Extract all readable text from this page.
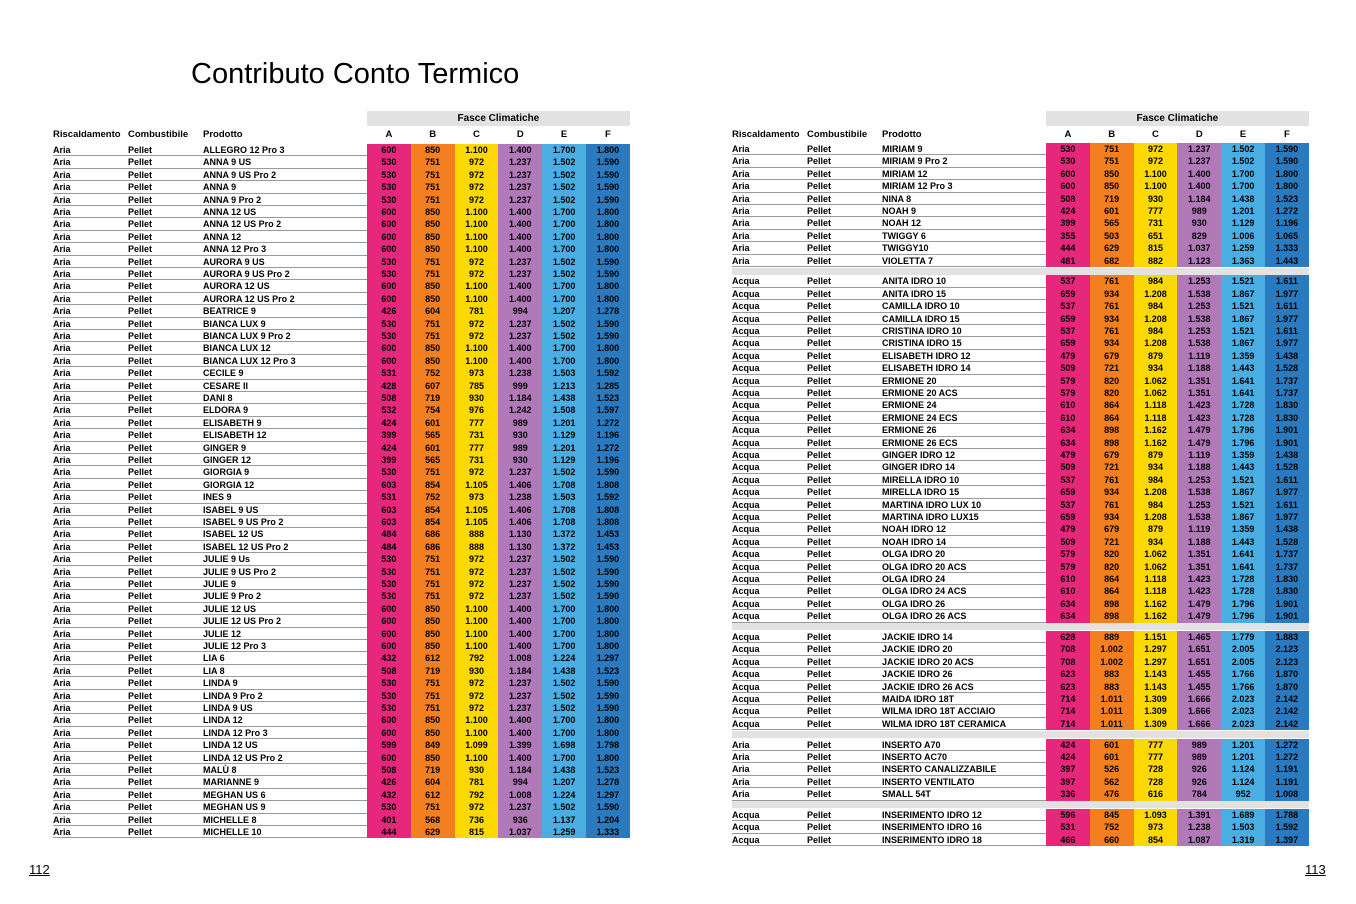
Contributo Conto Termico
112	113
Fasce Climatiche
Riscaldamento Combustibile Prodotto	A	B	C	D	E	F
Aria	Pellet	ALLEGRO 12 Pro 3	600	850	1.100	1.400	1.700	1.800
Aria	Pellet	ANNA 9 US	530	751	972	1.237	1.502	1.590
Aria	Pellet	ANNA 9 US Pro 2	530	751	972	1.237	1.502	1.590
Aria	Pellet	ANNA 9	530	751	972	1.237	1.502	1.590
Aria	Pellet	ANNA 9 Pro 2	530	751	972	1.237	1.502	1.590
Aria	Pellet	ANNA 12 US	600	850	1.100	1.400	1.700	1.800
Aria	Pellet	ANNA 12 US Pro 2	600	850	1.100	1.400	1.700	1.800
Aria	Pellet	ANNA 12	600	850	1.100	1.400	1.700	1.800
Aria	Pellet	ANNA 12 Pro 3	600	850	1.100	1.400	1.700	1.800
Aria	Pellet	AURORA 9 US	530	751	972	1.237	1.502	1.590
Aria	Pellet	AURORA 9 US Pro 2	530	751	972	1.237	1.502	1.590
Aria	Pellet	AURORA 12 US	600	850	1.100	1.400	1.700	1.800
Aria	Pellet	AURORA 12 US Pro 2	600	850	1.100	1.400	1.700	1.800
Aria	Pellet	BEATRICE 9	426	604	781	994	1.207	1.278
Aria	Pellet	BIANCA LUX 9	530	751	972	1.237	1.502	1.590
Aria	Pellet	BIANCA LUX 9 Pro 2	530	751	972	1.237	1.502	1.590
Aria	Pellet	BIANCA LUX 12	600	850	1.100	1.400	1.700	1.800
Aria	Pellet	BIANCA LUX 12 Pro 3	600	850	1.100	1.400	1.700	1.800
Aria	Pellet	CECILE 9	531	752	973	1.238	1.503	1.592
Aria	Pellet	CESARE II	428	607	785	999	1.213	1.285
Aria	Pellet	DANI 8	508	719	930	1.184	1.438	1.523
Aria	Pellet	ELDORA 9	532	754	976	1.242	1.508	1.597
Aria	Pellet	ELISABETH 9	424	601	777	989	1.201	1.272
Aria	Pellet	ELISABETH 12	399	565	731	930	1.129	1.196
Aria	Pellet	GINGER 9	424	601	777	989	1.201	1.272
Aria	Pellet	GINGER 12	399	565	731	930	1.129	1.196
Aria	Pellet	GIORGIA 9	530	751	972	1.237	1.502	1.590
Aria	Pellet	GIORGIA 12	603	854	1.105	1.406	1.708	1.808
Aria	Pellet	INES 9	531	752	973	1.238	1.503	1.592
Aria	Pellet	ISABEL 9 US	603	854	1.105	1.406	1.708	1.808
Aria	Pellet	ISABEL 9 US Pro 2	603	854	1.105	1.406	1.708	1.808
Aria	Pellet	ISABEL 12 US	484	686	888	1.130	1.372	1.453
Aria	Pellet	ISABEL 12 US Pro 2	484	686	888	1.130	1.372	1.453
Aria	Pellet	JULIE 9 Us	530	751	972	1.237	1.502	1.590
Aria	Pellet	JULIE 9 US Pro 2	530	751	972	1.237	1.502	1.590
Aria	Pellet	JULIE 9	530	751	972	1.237	1.502	1.590
Aria	Pellet	JULIE 9 Pro 2	530	751	972	1.237	1.502	1.590
Aria	Pellet	JULIE 12 US	600	850	1.100	1.400	1.700	1.800
Aria	Pellet	JULIE 12 US Pro 2	600	850	1.100	1.400	1.700	1.800
Aria	Pellet	JULIE 12	600	850	1.100	1.400	1.700	1.800
Aria	Pellet	JULIE 12 Pro 3	600	850	1.100	1.400	1.700	1.800
Aria	Pellet	LIA 6	432	612	792	1.008	1.224	1.297
Aria	Pellet	LIA 8	508	719	930	1.184	1.438	1.523
Aria	Pellet	LINDA 9	530	751	972	1.237	1.502	1.590
Aria	Pellet	LINDA 9 Pro 2	530	751	972	1.237	1.502	1.590
Aria	Pellet	LINDA 9 US	530	751	972	1.237	1.502	1.590
Aria	Pellet	LINDA 12	600	850	1.100	1.400	1.700	1.800
Aria	Pellet	LINDA 12 Pro 3	600	850	1.100	1.400	1.700	1.800
Aria	Pellet	LINDA 12 US	599	849	1.099	1.399	1.698	1.798
Aria	Pellet	LINDA 12 US Pro 2	600	850	1.100	1.400	1.700	1.800
Aria	Pellet	MALÙ 8	508	719	930	1.184	1.438	1.523
Aria	Pellet	MARIANNE 9	426	604	781	994	1.207	1.278
Aria	Pellet	MEGHAN US 6	432	612	792	1.008	1.224	1.297
Aria	Pellet	MEGHAN US 9	530	751	972	1.237	1.502	1.590
Aria	Pellet	MICHELLE 8	401	568	736	936	1.137	1.204
Aria	Pellet	MICHELLE 10	444	629	815	1.037	1.259	1.333
Fasce Climatiche
Riscaldamento Combustibile Prodotto	A	B	C	D	E	F
Aria	Pellet	MIRIAM 9	530	751	972	1.237	1.502	1.590
Aria	Pellet	MIRIAM 9 Pro 2	530	751	972	1.237	1.502	1.590
Aria	Pellet	MIRIAM 12	600	850	1.100	1.400	1.700	1.800
Aria	Pellet	MIRIAM 12 Pro 3	600	850	1.100	1.400	1.700	1.800
Aria	Pellet	NINA 8	508	719	930	1.184	1.438	1.523
Aria	Pellet	NOAH 9	424	601	777	989	1.201	1.272
Aria	Pellet	NOAH 12	399	565	731	930	1.129	1.196
Aria	Pellet	TWIGGY 6	355	503	651	829	1.006	1.065
Aria	Pellet	TWIGGY10	444	629	815	1.037	1.259	1.333
Aria	Pellet	VIOLETTA 7	481	682	882	1.123	1.363	1.443
Acqua	Pellet	ANITA IDRO 10	537	761	984	1.253	1.521	1.611
Acqua	Pellet	ANITA IDRO 15	659	934	1.208	1.538	1.867	1.977
Acqua	Pellet	CAMILLA IDRO 10	537	761	984	1.253	1.521	1.611
Acqua	Pellet	CAMILLA IDRO 15	659	934	1.208	1.538	1.867	1.977
Acqua	Pellet	CRISTINA IDRO 10	537	761	984	1.253	1.521	1.611
Acqua	Pellet	CRISTINA IDRO 15	659	934	1.208	1.538	1.867	1.977
Acqua	Pellet	ELISABETH IDRO 12	479	679	879	1.119	1.359	1.438
Acqua	Pellet	ELISABETH IDRO 14	509	721	934	1.188	1.443	1.528
Acqua	Pellet	ERMIONE 20	579	820	1.062	1.351	1.641	1.737
Acqua	Pellet	ERMIONE 20 ACS	579	820	1.062	1.351	1.641	1.737
Acqua	Pellet	ERMIONE 24	610	864	1.118	1.423	1.728	1.830
Acqua	Pellet	ERMIONE 24 ECS	610	864	1.118	1.423	1.728	1.830
Acqua	Pellet	ERMIONE 26	634	898	1.162	1.479	1.796	1.901
Acqua	Pellet	ERMIONE 26 ECS	634	898	1.162	1.479	1.796	1.901
Acqua	Pellet	GINGER IDRO 12	479	679	879	1.119	1.359	1.438
Acqua	Pellet	GINGER IDRO 14	509	721	934	1.188	1.443	1.528
Acqua	Pellet	MIRELLA IDRO 10	537	761	984	1.253	1.521	1.611
Acqua	Pellet	MIRELLA IDRO 15	659	934	1.208	1.538	1.867	1.977
Acqua	Pellet	MARTINA IDRO LUX 10	537	761	984	1.253	1.521	1.611
Acqua	Pellet	MARTINA IDRO LUX15	659	934	1.208	1.538	1.867	1.977
Acqua	Pellet	NOAH IDRO 12	479	679	879	1.119	1.359	1.438
Acqua	Pellet	NOAH IDRO 14	509	721	934	1.188	1.443	1.528
Acqua	Pellet	OLGA IDRO 20	579	820	1.062	1.351	1.641	1.737
Acqua	Pellet	OLGA IDRO 20 ACS	579	820	1.062	1.351	1.641	1.737
Acqua	Pellet	OLGA IDRO 24	610	864	1.118	1.423	1.728	1.830
Acqua	Pellet	OLGA IDRO 24 ACS	610	864	1.118	1.423	1.728	1.830
Acqua	Pellet	OLGA IDRO 26	634	898	1.162	1.479	1.796	1.901
Acqua	Pellet	OLGA IDRO 26 ACS	634	898	1.162	1.479	1.796	1.901
Acqua	Pellet	JACKIE IDRO 14	628	889	1.151	1.465	1.779	1.883
Acqua	Pellet	JACKIE IDRO 20	708	1.002	1.297	1.651	2.005	2.123
Acqua	Pellet	JACKIE IDRO 20 ACS	708	1.002	1.297	1.651	2.005	2.123
Acqua	Pellet	JACKIE IDRO 26	623	883	1.143	1.455	1.766	1.870
Acqua	Pellet	JACKIE IDRO 26 ACS	623	883	1.143	1.455	1.766	1.870
Acqua	Pellet	MAIDA IDRO 18T	714	1.011	1.309	1.666	2.023	2.142
Acqua	Pellet	WILMA IDRO 18T ACCIAIO	714	1.011	1.309	1.666	2.023	2.142
Acqua	Pellet	WILMA IDRO 18T CERAMICA	714	1.011	1.309	1.666	2.023	2.142
Aria	Pellet	INSERTO A70	424	601	777	989	1.201	1.272
Aria	Pellet	INSERTO AC70	424	601	777	989	1.201	1.272
Aria	Pellet	INSERTO CANALIZZABILE	397	526	728	926	1.124	1.191
Aria	Pellet	INSERTO VENTILATO	397	562	728	926	1.124	1.191
Aria	Pellet	SMALL 54T	336	476	616	784	952	1.008
Acqua	Pellet	INSERIMENTO IDRO 12	596	845	1.093	1.391	1.689	1.788
Acqua	Pellet	INSERIMENTO IDRO 16	531	752	973	1.238	1.503	1.592
Acqua	Pellet	INSERIMENTO IDRO 18	466	660	854	1.087	1.319	1.397
